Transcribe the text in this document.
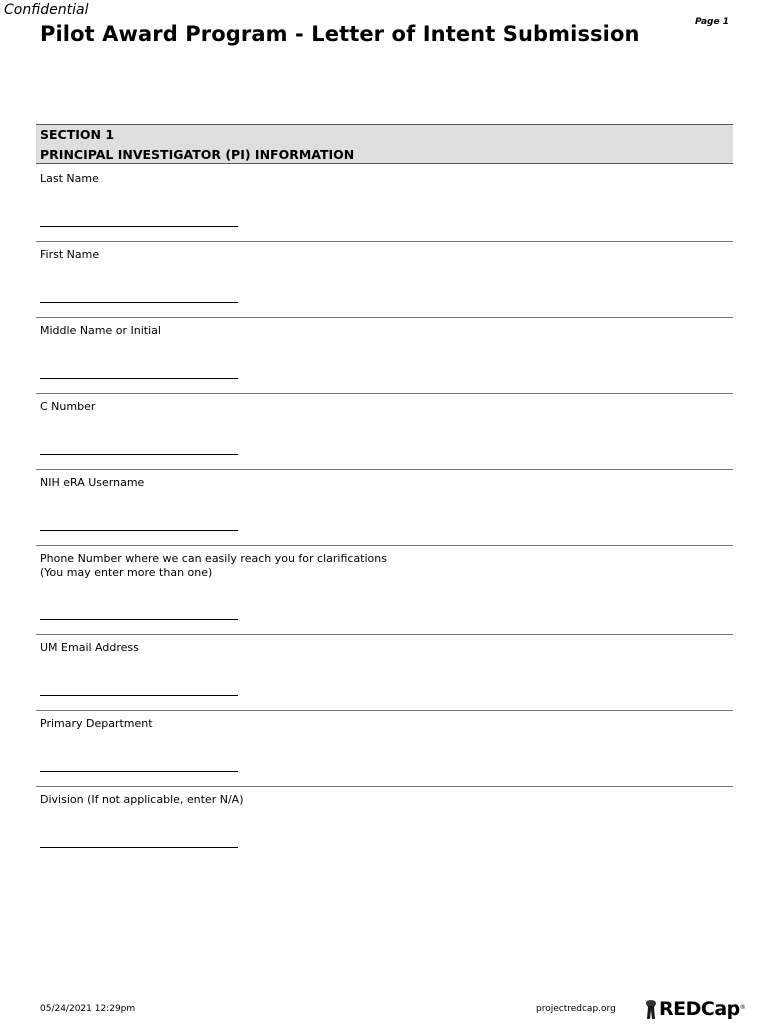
Confidential
Page 1
Pilot Award Program - Letter of Intent Submission
SECTION 1
PRINCIPAL INVESTIGATOR (PI) INFORMATION
Last Name
First Name
Middle Name or Initial
C Number
NIH eRA Username
Phone Number where we can easily reach you for clarifications
(You may enter more than one)
UM Email Address
Primary Department
Division (If not applicable, enter N/A)
05/24/2021 12:29pm	projectredcap.org REDCap ®
